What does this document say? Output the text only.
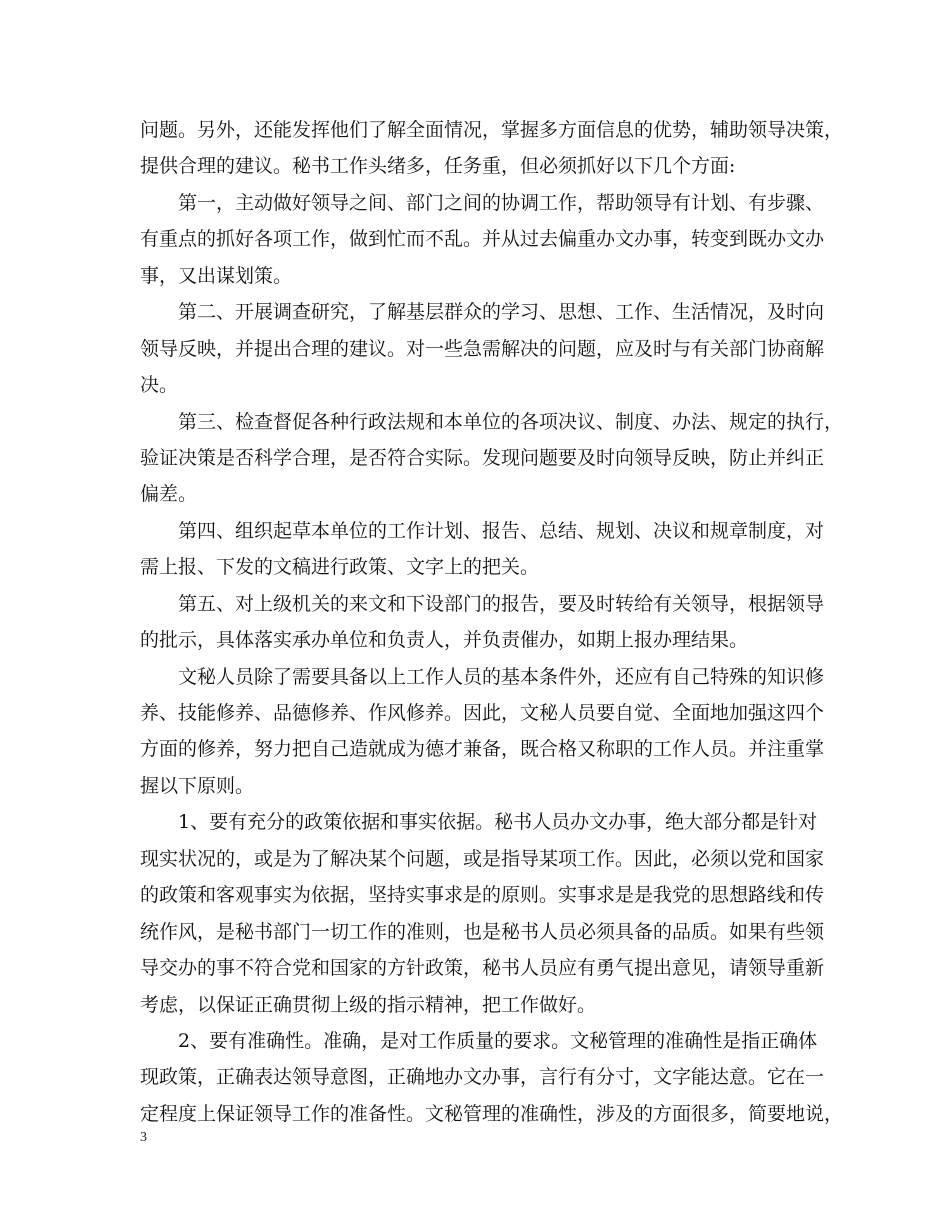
问题。另外，还能发挥他们了解全面情况，掌握多方面信息的优势，辅助领导决策，
提供合理的建议。秘书工作头绪多，任务重，但必须抓好以下几个方面:
第一，主动做好领导之间、部门之间的协调工作，帮助领导有计划、有步骤、
有重点的抓好各项工作，做到忙而不乱。并从过去偏重办文办事，转变到既办文办
事，又出谋划策。
第二、开展调查研究，了解基层群众的学习、思想、工作、生活情况，及时向
领导反映，并提出合理的建议。对一些急需解决的问题，应及时与有关部门协商解
决。
第三、检查督促各种行政法规和本单位的各项决议、制度、办法、规定的执行，
验证决策是否科学合理，是否符合实际。发现问题要及时向领导反映，防止并纠正
偏差。
第四、组织起草本单位的工作计划、报告、总结、规划、决议和规章制度，对
需上报、下发的文稿进行政策、文字上的把关。
第五、对上级机关的来文和下设部门的报告，要及时转给有关领导，根据领导
的批示，具体落实承办单位和负责人，并负责催办，如期上报办理结果。
文秘人员除了需要具备以上工作人员的基本条件外，还应有自己特殊的知识修
养、技能修养、品德修养、作风修养。因此，文秘人员要自觉、全面地加强这四个
方面的修养，努力把自己造就成为德才兼备，既合格又称职的工作人员。并注重掌
握以下原则。
1、要有充分的政策依据和事实依据。秘书人员办文办事，绝大部分都是针对
现实状况的，或是为了解决某个问题，或是指导某项工作。因此，必须以党和国家
的政策和客观事实为依据，坚持实事求是的原则。实事求是是我党的思想路线和传
统作风，是秘书部门一切工作的准则，也是秘书人员必须具备的品质。如果有些领
导交办的事不符合党和国家的方针政策，秘书人员应有勇气提出意见，请领导重新
考虑，以保证正确贯彻上级的指示精神，把工作做好。
2、要有准确性。准确，是对工作质量的要求。文秘管理的准确性是指正确体
现政策，正确表达领导意图，正确地办文办事，言行有分寸，文字能达意。它在一
定程度上保证领导工作的准备性。文秘管理的准确性，涉及的方面很多，简要地说，
3
